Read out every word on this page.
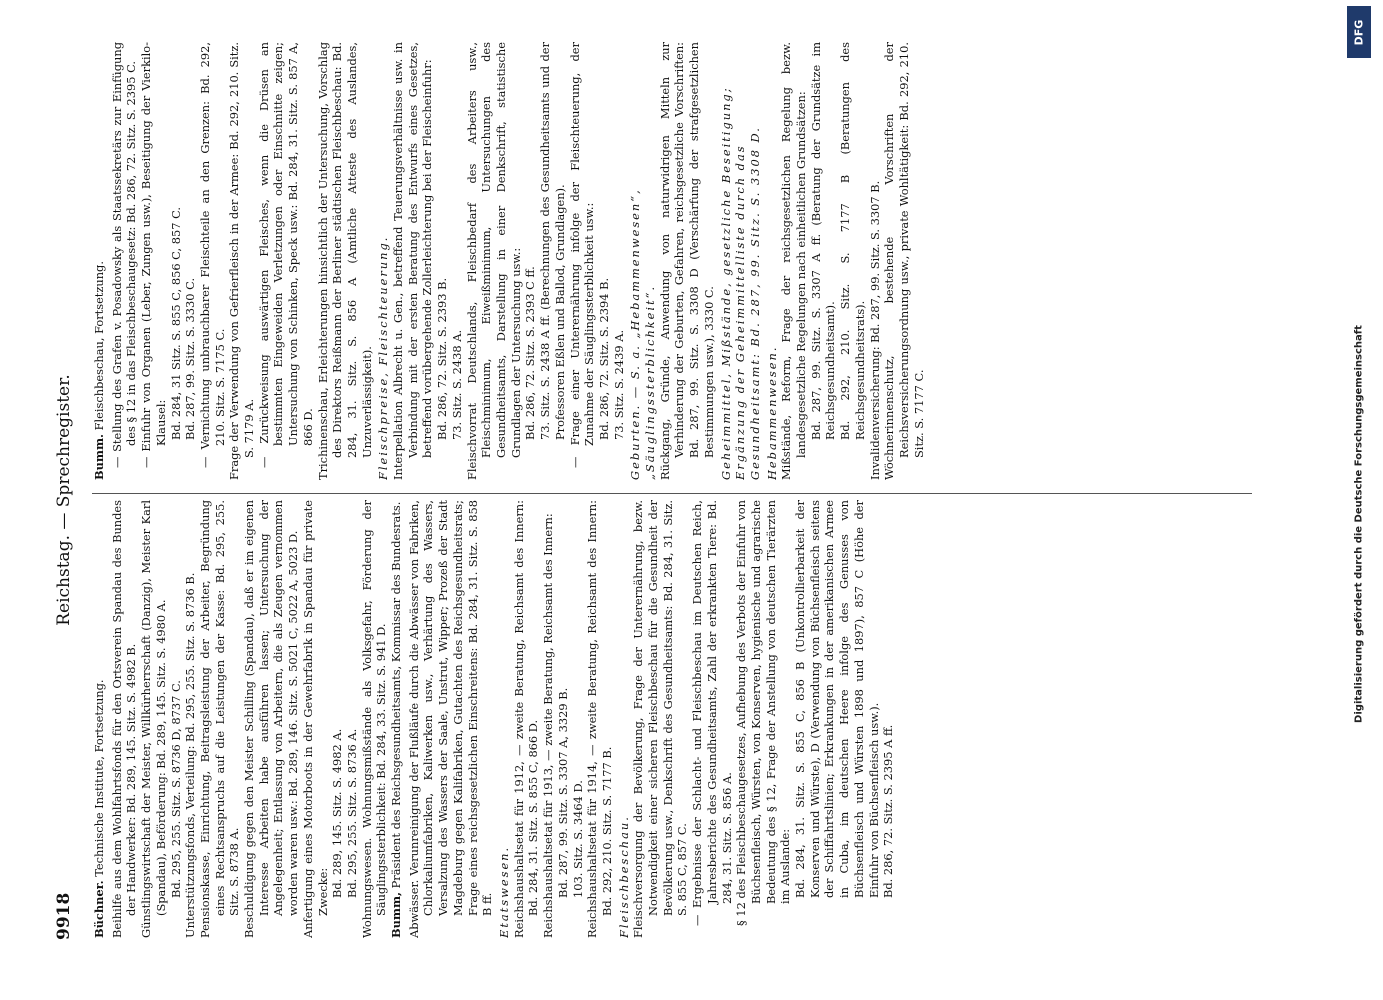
9918
Reichstag. — Sprechregister.

Büchner. Technische Institute, Fortsetzung. Beihilfe aus dem Wohlfahrtsfonds für den Ortsverein Spandau des Bundes der Handwerker: Bd. 289, 145. Sitz. S. 4982 B. Günstlingswirtschaft der Meister, Willkürherrschaft (Danzig), Meister Karl (Spandau), Beförderung: Bd. 289, 145. Sitz. S. 4980 A. Bd. 295, 255. Sitz. S. 8736 D, 8737 C. Unterstützungsfonds, Verteilung: Bd. 295, 255. Sitz. S. 8736 B. Pensionskasse, Einrichtung, Beitragsleistung der Arbeiter, Begründung eines Rechtsanspruchs auf die Leistungen der Kasse: Bd. 295, 255. Sitz. S. 8738 A. Beschuldigung gegen den Meister Schilling (Spandau), daß er im eigenen Interesse Arbeiten habe ausführen lassen; Untersuchung der Angelegenheit; Entlassung von Arbeitern, die als Zeugen vernommen worden waren usw.: Bd. 289, 146. Sitz. S. 5021 C, 5022 A, 5023 D. Anfertigung eines Motorboots in der Gewehrfabrik in Spandau für private Zwecke: Bd. 289, 145. Sitz. S. 4982 A. Bd. 295, 255. Sitz. S. 8736 A. Wohnungswesen. Wohnungsmißstände als Volksgefahr, Förderung der Säuglingssterblichkeit: Bd. 284, 33. Sitz. S. 941 D. Bumm, Präsident des Reichsgesundheitsamts, Kommissar des Bundesrats. Abwässer. Verunreinigung der Flußläufe durch die Abwässer von Fabriken, Chlorkaliumfabriken, Kaliwerken usw., Verhärtung des Wassers, Versalzung des Wassers der Saale, Unstrut, Wipper; Prozeß der Stadt Magdeburg gegen Kalifabriken, Gutachten des Reichsgesundheitsrats; Frage eines reichsgesetzlichen Einschreitens: Bd. 284, 31. Sitz. S. 858 B ff. Etatswesen. Reichshaushaltsetat für 1912, — zweite Beratung, Reichsamt des Innern: Bd. 284, 31. Sitz. S. 855 C, 866 D. Reichshaushaltsetat für 1913, — zweite Beratung, Reichsamt des Innern: Bd. 287, 99. Sitz. S. 3307 A, 3329 B. 103. Sitz. S. 3464 D. Reichshaushaltsetat für 1914, — zweite Beratung, Reichsamt des Innern: Bd. 292, 210. Sitz. S. 7177 B. Fleischbeschau. Fleischversorgung der Bevölkerung, Frage der Unterernährung, bezw. Notwendigkeit einer sicheren Fleischbeschau für die Gesundheit der Bevölkerung usw., Denkschrift des Gesundheitsamts: Bd. 284, 31. Sitz. S. 855 C, 857 C. — Ergebnisse der Schlacht- und Fleischbeschau im Deutschen Reich, Jahresberichte des Gesundheitsamts, Zahl der erkrankten Tiere: Bd. 284, 31. Sitz. S. 856 A. § 12 des Fleischbeschaugesetzes, Aufhebung des Verbots der Einfuhr von Büchsenfleisch, Würsten, von Konserven, hygienische und agrarische Bedeutung des § 12, Frage der Anstellung von deutschen Tierärzten im Auslande: Bd. 284, 31. Sitz. S. 855 C, 856 B (Unkontrollierbarkeit der Konserven und Würste), D (Verwendung von Büchsenfleisch seitens der Schiffahrtslinien; Erkrankungen in der amerikanischen Armee in Cuba, im deutschen Heere infolge des Genusses von Büchsenfleisch und Würsten 1898 und 1897), 857 C (Höhe der Einfuhr von Büchsenfleisch usw.). Bd. 286, 72. Sitz. S. 2395 A ff.

Bumm. Fleischbeschau, Fortsetzung. — Stellung des Grafen v. Posadowsky als Staatssekretärs zur Einfügung des § 12 in das Fleischbeschaugesetz: Bd. 286, 72. Sitz. S. 2395 C. — Einfuhr von Organen (Leber, Zungen usw.), Beseitigung der Vierkilo-Klausel: Bd. 284, 31 Sitz. S. 855 C, 856 C, 857 C. Bd. 287, 99. Sitz. S. 3330 C. — Vernichtung unbrauchbarer Fleischteile an den Grenzen: Bd. 292, 210. Sitz. S. 7175 C. Frage der Verwendung von Gefrierfleisch in der Armee: Bd. 292, 210. Sitz. S. 7179 A. — Zurückweisung auswärtigen Fleisches, wenn die Drüsen an bestimmten Eingeweiden Verletzungen oder Einschnitte zeigen; Untersuchung von Schinken, Speck usw.: Bd. 284, 31. Sitz. S. 857 A, 866 D. Trichinenschau, Erleichterungen hinsichtlich der Untersuchung, Vorschlag des Direktors Reißmann der Berliner städtischen Fleischbeschau: Bd. 284, 31. Sitz. S. 856 A (Amtliche Atteste des Auslandes, Unzuverlässigkeit). Fleischpreise, Fleischteuerung. Interpellation Albrecht u. Gen., betreffend Teuerungsverhältnisse usw. in Verbindung mit der ersten Beratung des Entwurfs eines Gesetzes, betreffend vorübergehende Zollerleichterung bei der Fleischeinfuhr: Bd. 286, 72. Sitz. S. 2393 B. 73. Sitz. S. 2438 A. Fleischvorrat Deutschlands, Fleischbedarf des Arbeiters usw., Fleischminimum, Eiweißminimum, Untersuchungen des Gesundheitsamts, Darstellung in einer Denkschrift, statistische Grundlagen der Untersuchung usw.: Bd. 286, 72. Sitz. S. 2393 C ff. 73. Sitz. S. 2438 A ff. (Berechnungen des Gesundheitsamts und der Professoren Eßlen und Ballod, Grundlagen). — Frage einer Unterernährung infolge der Fleischteuerung, der Zunahme der Säuglingssterblichkeit usw.: Bd. 286, 72. Sitz. S. 2394 B. 73. Sitz. S. 2439 A. Geburten. — S. a. „Hebammenwesen“, „Säuglingssterblichkeit“. Rückgang, Gründe, Anwendung von naturwidrigen Mitteln zur Verhinderung der Geburten, Gefahren, reichsgesetzliche Vorschriften: Bd. 287, 99. Sitz. S. 3308 D (Verschärfung der strafgesetzlichen Bestimmungen usw.), 3330 C. Geheimmittel, Mißstände, gesetzliche Beseitigung; Ergänzung der Geheimmittelliste durch das Gesundheitsamt: Bd. 287, 99. Sitz. S. 3308 D. Hebammenwesen. Mißstände, Reform, Frage der reichsgesetzlichen Regelung bezw. landesgesetzliche Regelungen nach einheitlichen Grundsätzen: Bd. 287, 99. Sitz. S. 3307 A ff. (Beratung der Grundsätze im Reichsgesundheitsamt). Bd. 292, 210. Sitz. S. 7177 B (Beratungen des Reichsgesundheitsrats). Invalidenversicherung: Bd. 287, 99. Sitz. S. 3307 B. Wöchnerinnenschutz, bestehende Vorschriften der Reichsversicherungsordnung usw., private Wohltätigkeit: Bd. 292, 210. Sitz. S. 7177 C.

DFG
Digitalisierung gefördert durch die Deutsche Forschungsgemeinschaft
